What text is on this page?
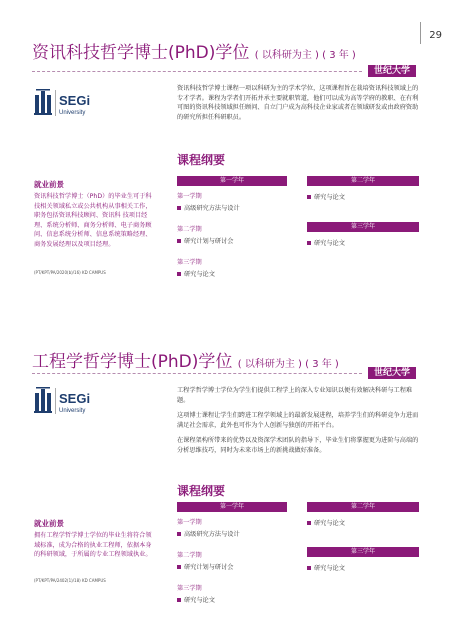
29
资讯科技哲学博士(PhD)学位 ( 以科研为主 ) ( 3 年 )
世纪大学
SEGi
University

资讯科技哲学博士课程一项以科研为主的学术学位，这项课程旨在栽培资讯科技领域上的专才学者。课程为学者们开拓并承主要就职管道，他们可以成为高等学府的教职、在有利可图的资讯科技领域担任顾问、自立门户成为高科技企业家或者在领域研发或由政府资助的研究所担任科研职员。

课程纲要
就业前景
资讯科技哲学博士（PhD）的毕业生可于科技相关领域私立或公共机构从事相关工作，职务包括资讯科技顾问、资讯科 技项目经理、系统分析师、商务分析师、电子商务顾问、信息系统分析师、信息系统策略经理、商务发展经理以及项目经理。
(PT/KPT/PA/2020(b)/16) KD CAMPUS
第一学年
第一学期
高级研究方法与设计
第二学期
研究计划与研讨会
第三学期
研究与论文
第二学年
研究与论文
第三学年
研究与论文
工程学哲学博士(PhD)学位 ( 以科研为主 ) ( 3 年 )
世纪大学
SEGi
University

工程学哲学博士学位为学生们提供工程学上的深入专业知识以便有效解决科研与工程难题。

这项博士课程让学生们跨进工程学领域上的最新发展进程，培养学生们的科研竞争力进而满足社会需求，此外也可作为个人创新与独创的开拓平台。

在课程架构所带来的优势以及资深学术团队的指导下，毕业生们将掌握更为进阶与高端的分析思维技巧，同时为未来市场上的新挑战做好准备。

课程纲要
就业前景
拥有工程学哲学博士学位的毕业生将符合领域标准，成为合格的执业工程师，依据本身的科研领域，于所属的专业工程领域执业。
(PT/KPT/PA/2402(1)/18) KD CAMPUS
第一学年
第一学期
高级研究方法与设计
第二学期
研究计划与研讨会
第三学期
研究与论文
第二学年
研究与论文
第三学年
研究与论文
